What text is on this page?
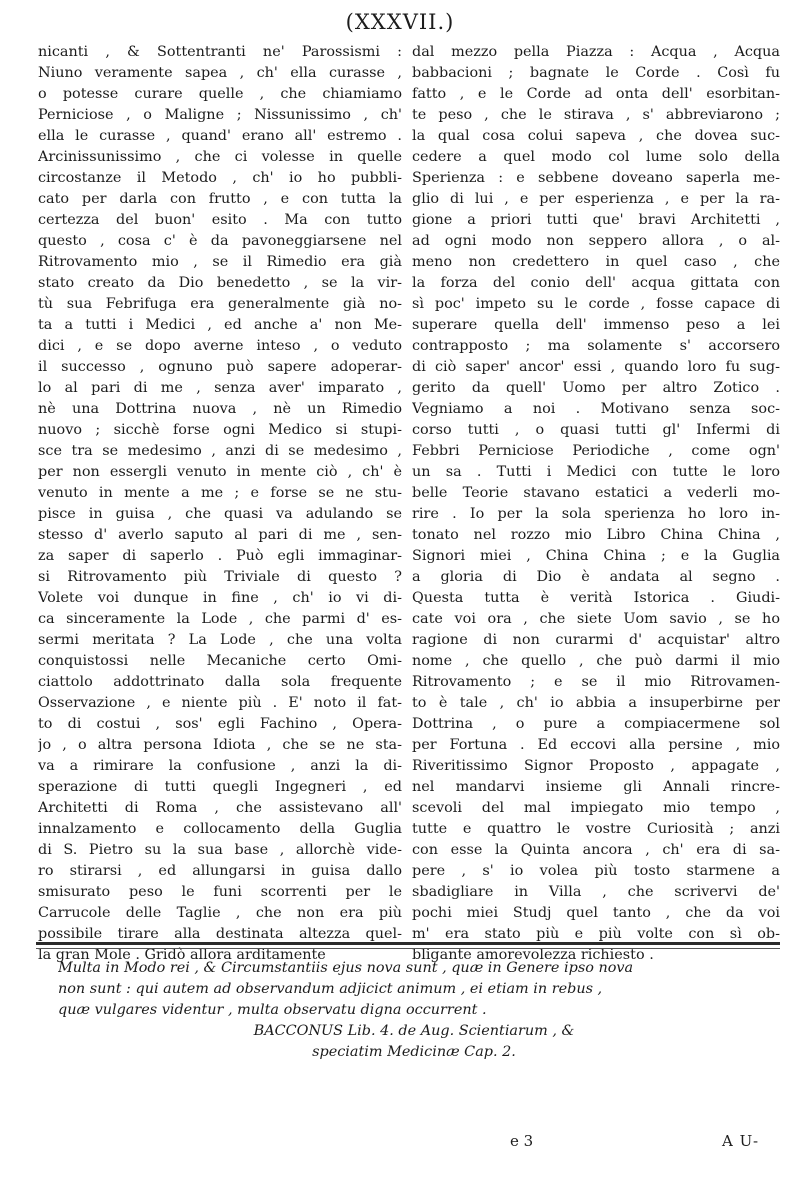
(XXXVII.)
nicanti , & Sottentranti ne' Parossismi :
Niuno veramente sapea , ch' ella curasse ,
o potesse curare quelle , che chiamiamo
Perniciose , o Maligne ; Nissunissimo , ch'
ella le curasse , quand' erano all' estremo .
Arcinissunissimo , che ci volesse in quelle
circostanze il Metodo , ch' io ho pubbli-
cato per darla con frutto , e con tutta la
certezza del buon' esito . Ma con tutto
questo , cosa c' è da pavoneggiarsene nel
Ritrovamento mio , se il Rimedio era già
stato creato da Dio benedetto , se la vir-
tù sua Febrifuga era generalmente già no-
ta a tutti i Medici , ed anche a' non Me-
dici , e se dopo averne inteso , o veduto
il successo , ognuno può sapere adoperar-
lo al pari di me , senza aver' imparato ,
nè una Dottrina nuova , nè un Rimedio
nuovo ; sicchè forse ogni Medico si stupi-
sce tra se medesimo , anzi di se medesimo ,
per non essergli venuto in mente ciò , ch' è
venuto in mente a me ; e forse se ne stu-
pisce in guisa , che quasi va adulando se
stesso d' averlo saputo al pari di me , sen-
za saper di saperlo . Può egli immaginar-
si Ritrovamento più Triviale di questo ?
Volete voi dunque in fine , ch' io vi di-
ca sinceramente la Lode , che parmi d' es-
sermi meritata ? La Lode , che una volta
conquistossi nelle Mecaniche certo Omi-
ciattolo addottrinato dalla sola frequente
Osservazione , e niente più . E' noto il fat-
to di costui , sos' egli Fachino , Opera-
jo , o altra persona Idiota , che se ne sta-
va a rimirare la confusione , anzi la di-
sperazione di tutti quegli Ingegneri , ed
Architetti di Roma , che assistevano all'
innalzamento e collocamento della Guglia
di S. Pietro su la sua base , allorchè vide-
ro stirarsi , ed allungarsi in guisa dallo
smisurato peso le funi scorrenti per le
Carrucole delle Taglie , che non era più
possibile tirare alla destinata altezza quel-
la gran Mole . Gridò allora arditamente
dal mezzo pella Piazza : Acqua , Acqua
babbacioni ; bagnate le Corde . Così fu
fatto , e le Corde ad onta dell' esorbitan-
te peso , che le stirava , s' abbreviarono ;
la qual cosa colui sapeva , che dovea suc-
cedere a quel modo col lume solo della
Sperienza : e sebbene doveano saperla me-
glio di lui , e per esperienza , e per la ra-
gione a priori tutti que' bravi Architetti ,
ad ogni modo non seppero allora , o al-
meno non credettero in quel caso , che
la forza del conio dell' acqua gittata con
sì poc' impeto su le corde , fosse capace di
superare quella dell' immenso peso a lei
contrapposto ; ma solamente s' accorsero
di ciò saper' ancor' essi , quando loro fu sug-
gerito da quell' Uomo per altro Zotico .
Vegniamo a noi . Motivano senza soc-
corso tutti , o quasi tutti gl' Infermi di
Febbri Perniciose Periodiche , come ogn'
un sa . Tutti i Medici con tutte le loro
belle Teorie stavano estatici a vederli mo-
rire . Io per la sola sperienza ho loro in-
tonato nel rozzo mio Libro China China ,
Signori miei , China China ; e la Guglia
a gloria di Dio è andata al segno .
Questa tutta è verità Istorica . Giudi-
cate voi ora , che siete Uom savio , se ho
ragione di non curarmi d' acquistar' altro
nome , che quello , che può darmi il mio
Ritrovamento ; e se il mio Ritrovamen-
to è tale , ch' io abbia a insuperbirne per
Dottrina , o pure a compiacermene sol
per Fortuna . Ed eccovi alla persine , mio
Riveritissimo Signor Proposto , appagate ,
nel mandarvi insieme gli Annali rincre-
scevoli del mal impiegato mio tempo ,
tutte e quattro le vostre Curiosità ; anzi
con esse la Quinta ancora , ch' era di sa-
pere , s' io volea più tosto starmene a
sbadigliare in Villa , che scrivervi de'
pochi miei Studj quel tanto , che da voi
m' era stato più e più volte con sì ob-
bligante amorevolezza richiesto .
Multa in Modo rei , & Circumstantiis ejus nova sunt , quæ in Genere ipso nova
non sunt : qui autem ad observandum adjicict animum , ei etiam in rebus ,
quæ vulgares videntur , multa observatu digna occurrent .
BACCONUS Lib. 4. de Aug. Scientiarum , &
speciatim Medicinæ Cap. 2.
e 3	A U-
